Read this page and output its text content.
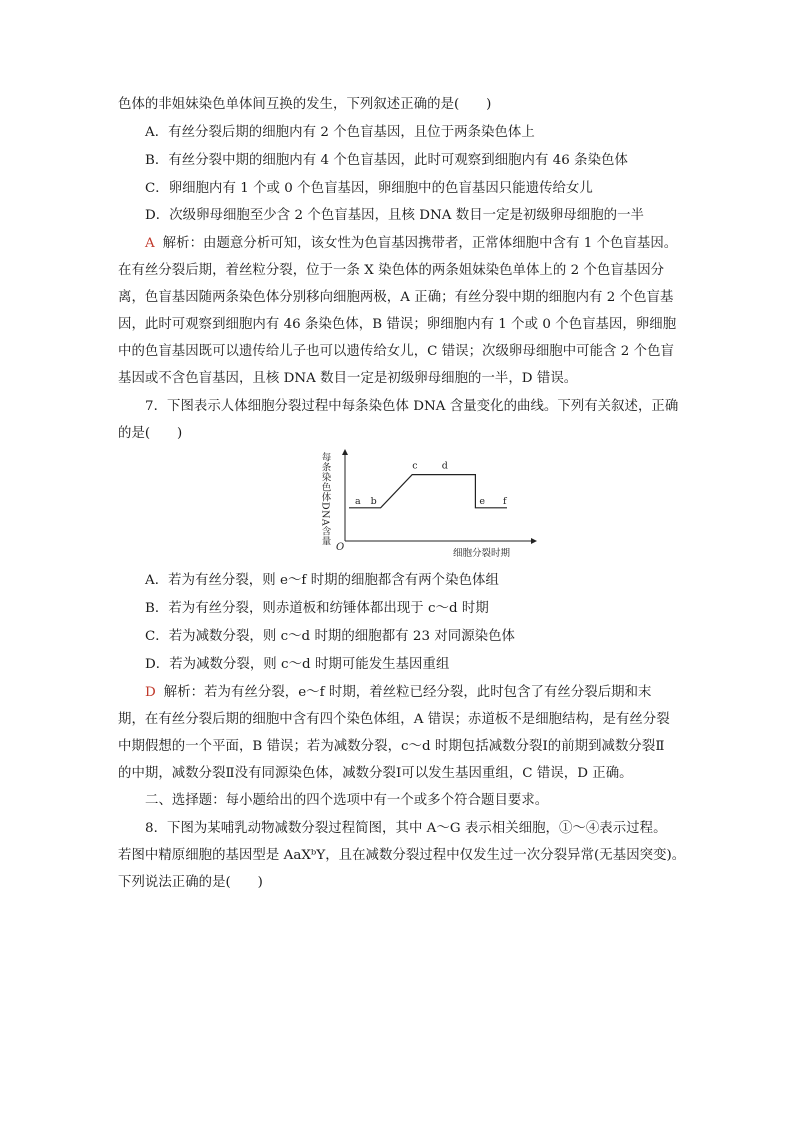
色体的非姐妹染色单体间互换的发生，下列叙述正确的是(　　)
A．有丝分裂后期的细胞内有 2 个色盲基因，且位于两条染色体上
B．有丝分裂中期的细胞内有 4 个色盲基因，此时可观察到细胞内有 46 条染色体
C．卵细胞内有 1 个或 0 个色盲基因，卵细胞中的色盲基因只能遗传给女儿
D．次级卵母细胞至少含 2 个色盲基因，且核 DNA 数目一定是初级卵母细胞的一半
A 解析：由题意分析可知，该女性为色盲基因携带者，正常体细胞中含有 1 个色盲基因。
在有丝分裂后期，着丝粒分裂，位于一条 X 染色体的两条姐妹染色单体上的 2 个色盲基因分
离，色盲基因随两条染色体分别移向细胞两极，A 正确；有丝分裂中期的细胞内有 2 个色盲基
因，此时可观察到细胞内有 46 条染色体，B 错误；卵细胞内有 1 个或 0 个色盲基因，卵细胞
中的色盲基因既可以遗传给儿子也可以遗传给女儿，C 错误；次级卵母细胞中可能含 2 个色盲
基因或不含色盲基因，且核 DNA 数目一定是初级卵母细胞的一半，D 错误。
7．下图表示人体细胞分裂过程中每条染色体 DNA 含量变化的曲线。下列有关叙述，正确
的是(　　)
每条染色体DNA含量
细胞分裂时期
O
a b
c	d
e f
A．若为有丝分裂，则 e～f 时期的细胞都含有两个染色体组
B．若为有丝分裂，则赤道板和纺锤体都出现于 c～d 时期
C．若为减数分裂，则 c～d 时期的细胞都有 23 对同源染色体
D．若为减数分裂，则 c～d 时期可能发生基因重组
D 解析：若为有丝分裂，e～f 时期，着丝粒已经分裂，此时包含了有丝分裂后期和末
期，在有丝分裂后期的细胞中含有四个染色体组，A 错误；赤道板不是细胞结构，是有丝分裂
中期假想的一个平面，B 错误；若为减数分裂，c～d 时期包括减数分裂Ⅰ的前期到减数分裂Ⅱ
的中期，减数分裂Ⅱ没有同源染色体，减数分裂Ⅰ可以发生基因重组，C 错误，D 正确。
二、选择题：每小题给出的四个选项中有一个或多个符合题目要求。
8．下图为某哺乳动物减数分裂过程简图，其中 A～G 表示相关细胞，①～④表示过程。
若图中精原细胞的基因型是 AaXᵇY，且在减数分裂过程中仅发生过一次分裂异常(无基因突变)。
下列说法正确的是(　　)
